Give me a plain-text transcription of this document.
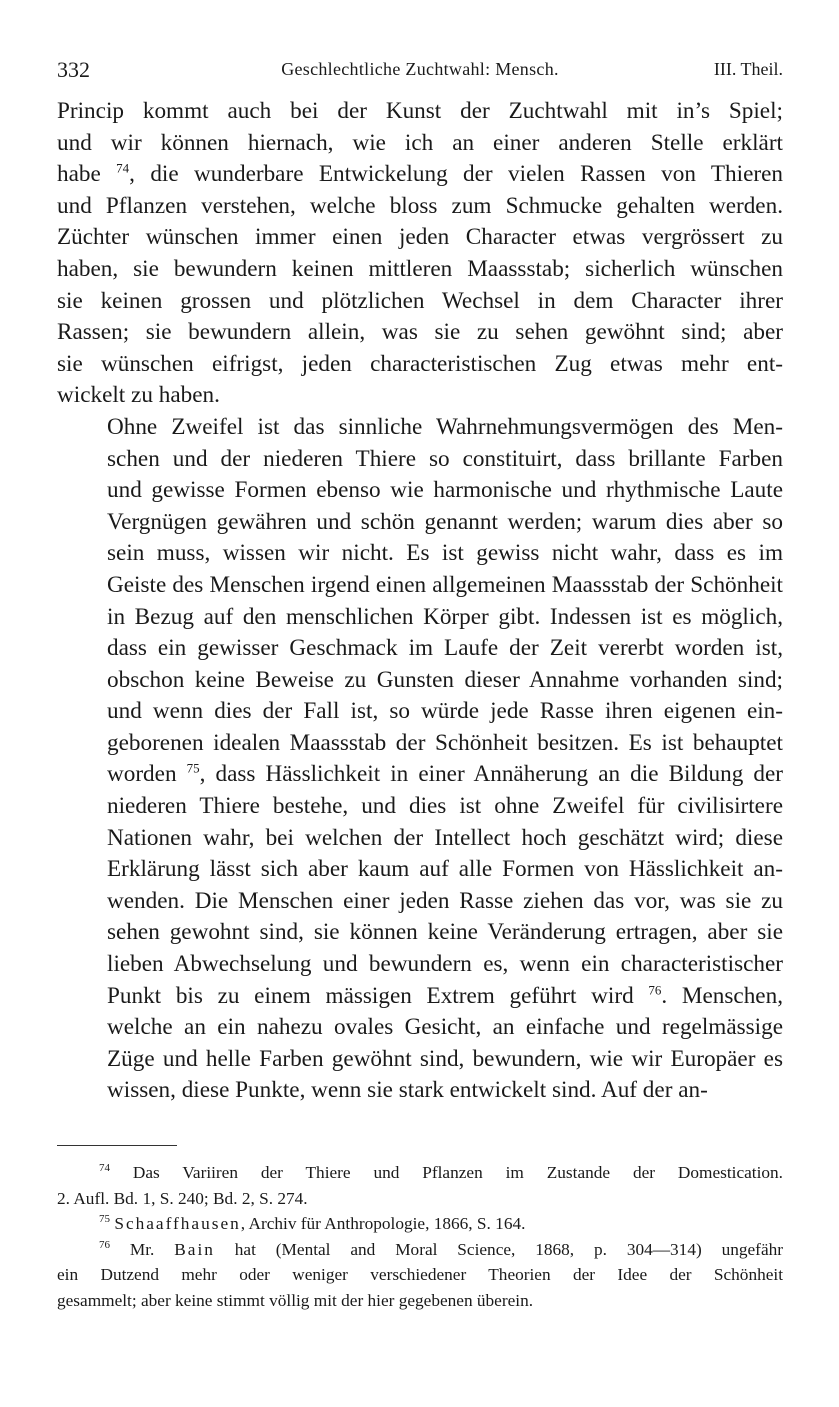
332	Geschlechtliche Zuchtwahl: Mensch.	III. Theil.

Princip kommt auch bei der Kunst der Zuchtwahl mit in’s Spiel;
und wir können hiernach, wie ich an einer anderen Stelle erklärt
habe $^{74}$, die wunderbare Entwickelung der vielen Rassen von Thieren
und Pflanzen verstehen, welche bloss zum Schmucke gehalten werden.
Züchter wünschen immer einen jeden Character etwas vergrössert zu
haben, sie bewundern keinen mittleren Maassstab; sicherlich wünschen
sie keinen grossen und plötzlichen Wechsel in dem Character ihrer
Rassen; sie bewundern allein, was sie zu sehen gewöhnt sind; aber
sie wünschen eifrigst, jeden characteristischen Zug etwas mehr ent-
wickelt zu haben.

Ohne Zweifel ist das sinnliche Wahrnehmungsvermögen des Men-
schen und der niederen Thiere so constituirt, dass brillante Farben
und gewisse Formen ebenso wie harmonische und rhythmische Laute
Vergnügen gewähren und schön genannt werden; warum dies aber so
sein muss, wissen wir nicht. Es ist gewiss nicht wahr, dass es im
Geiste des Menschen irgend einen allgemeinen Maassstab der Schönheit
in Bezug auf den menschlichen Körper gibt. Indessen ist es möglich,
dass ein gewisser Geschmack im Laufe der Zeit vererbt worden ist,
obschon keine Beweise zu Gunsten dieser Annahme vorhanden sind;
und wenn dies der Fall ist, so würde jede Rasse ihren eigenen ein-
geborenen idealen Maassstab der Schönheit besitzen. Es ist behauptet
worden $^{75}$, dass Hässlichkeit in einer Annäherung an die Bildung der
niederen Thiere bestehe, und dies ist ohne Zweifel für civilisirtere
Nationen wahr, bei welchen der Intellect hoch geschätzt wird; diese
Erklärung lässt sich aber kaum auf alle Formen von Hässlichkeit an-
wenden. Die Menschen einer jeden Rasse ziehen das vor, was sie zu
sehen gewohnt sind, sie können keine Veränderung ertragen, aber sie
lieben Abwechselung und bewundern es, wenn ein characteristischer
Punkt bis zu einem mässigen Extrem geführt wird $^{76}$. Menschen,
welche an ein nahezu ovales Gesicht, an einfache und regelmässige
Züge und helle Farben gewöhnt sind, bewundern, wie wir Europäer es
wissen, diese Punkte, wenn sie stark entwickelt sind. Auf der an-

$^{74}$ Das Variiren der Thiere und Pflanzen im Zustande der Domestication.
2. Aufl. Bd. 1, S. 240; Bd. 2, S. 274.
$^{75}$ Schaaffhausen, Archiv für Anthropologie, 1866, S. 164.
$^{76}$ Mr. Bain hat (Mental and Moral Science, 1868, p. 304—314) ungefähr
ein Dutzend mehr oder weniger verschiedener Theorien der Idee der Schönheit
gesammelt; aber keine stimmt völlig mit der hier gegebenen überein.
